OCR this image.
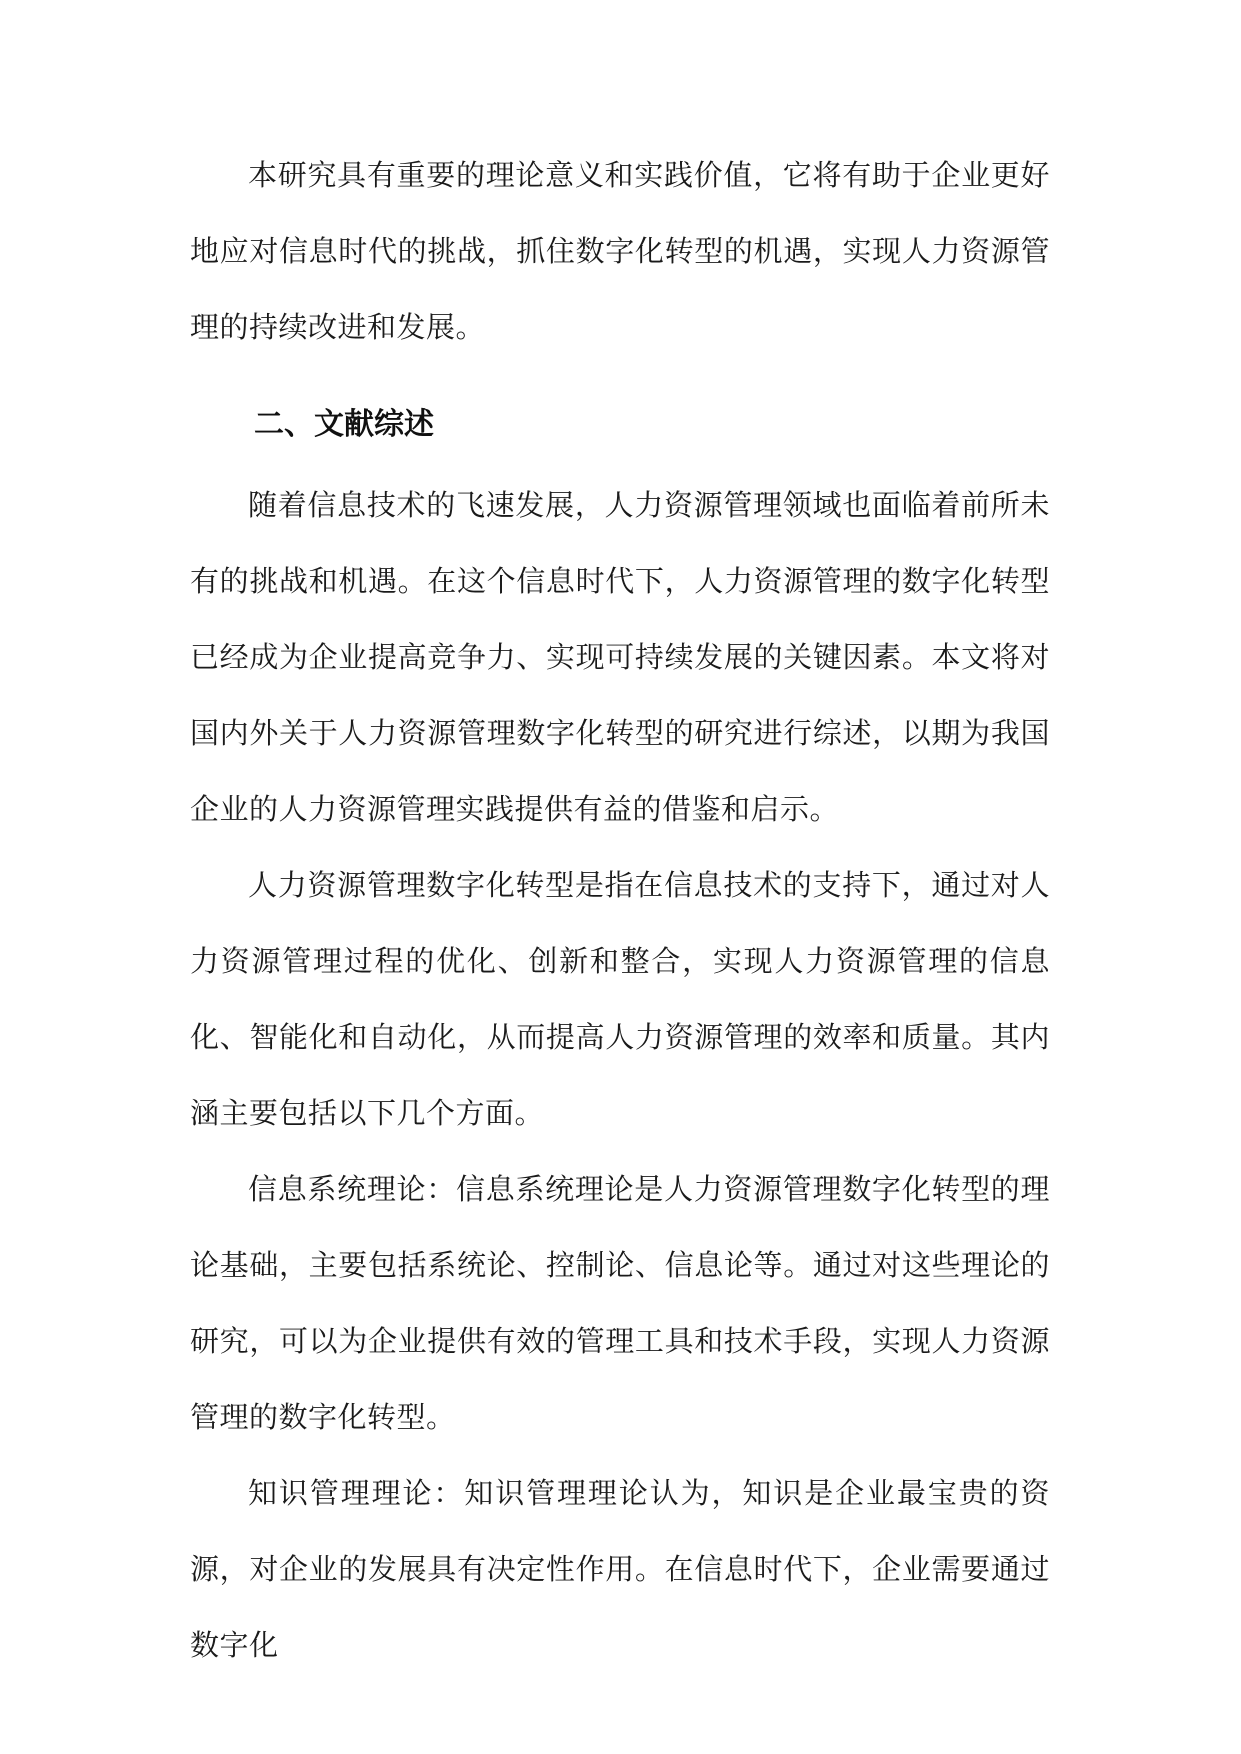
本研究具有重要的理论意义和实践价值，它将有助于企业更好地应对信息时代的挑战，抓住数字化转型的机遇，实现人力资源管理的持续改进和发展。

二、文献综述

随着信息技术的飞速发展，人力资源管理领域也面临着前所未有的挑战和机遇。在这个信息时代下，人力资源管理的数字化转型已经成为企业提高竞争力、实现可持续发展的关键因素。本文将对国内外关于人力资源管理数字化转型的研究进行综述，以期为我国企业的人力资源管理实践提供有益的借鉴和启示。

人力资源管理数字化转型是指在信息技术的支持下，通过对人力资源管理过程的优化、创新和整合，实现人力资源管理的信息化、智能化和自动化，从而提高人力资源管理的效率和质量。其内涵主要包括以下几个方面。

信息系统理论：信息系统理论是人力资源管理数字化转型的理论基础，主要包括系统论、控制论、信息论等。通过对这些理论的研究，可以为企业提供有效的管理工具和技术手段，实现人力资源管理的数字化转型。

知识管理理论：知识管理理论认为，知识是企业最宝贵的资源，对企业的发展具有决定性作用。在信息时代下，企业需要通过数字化
